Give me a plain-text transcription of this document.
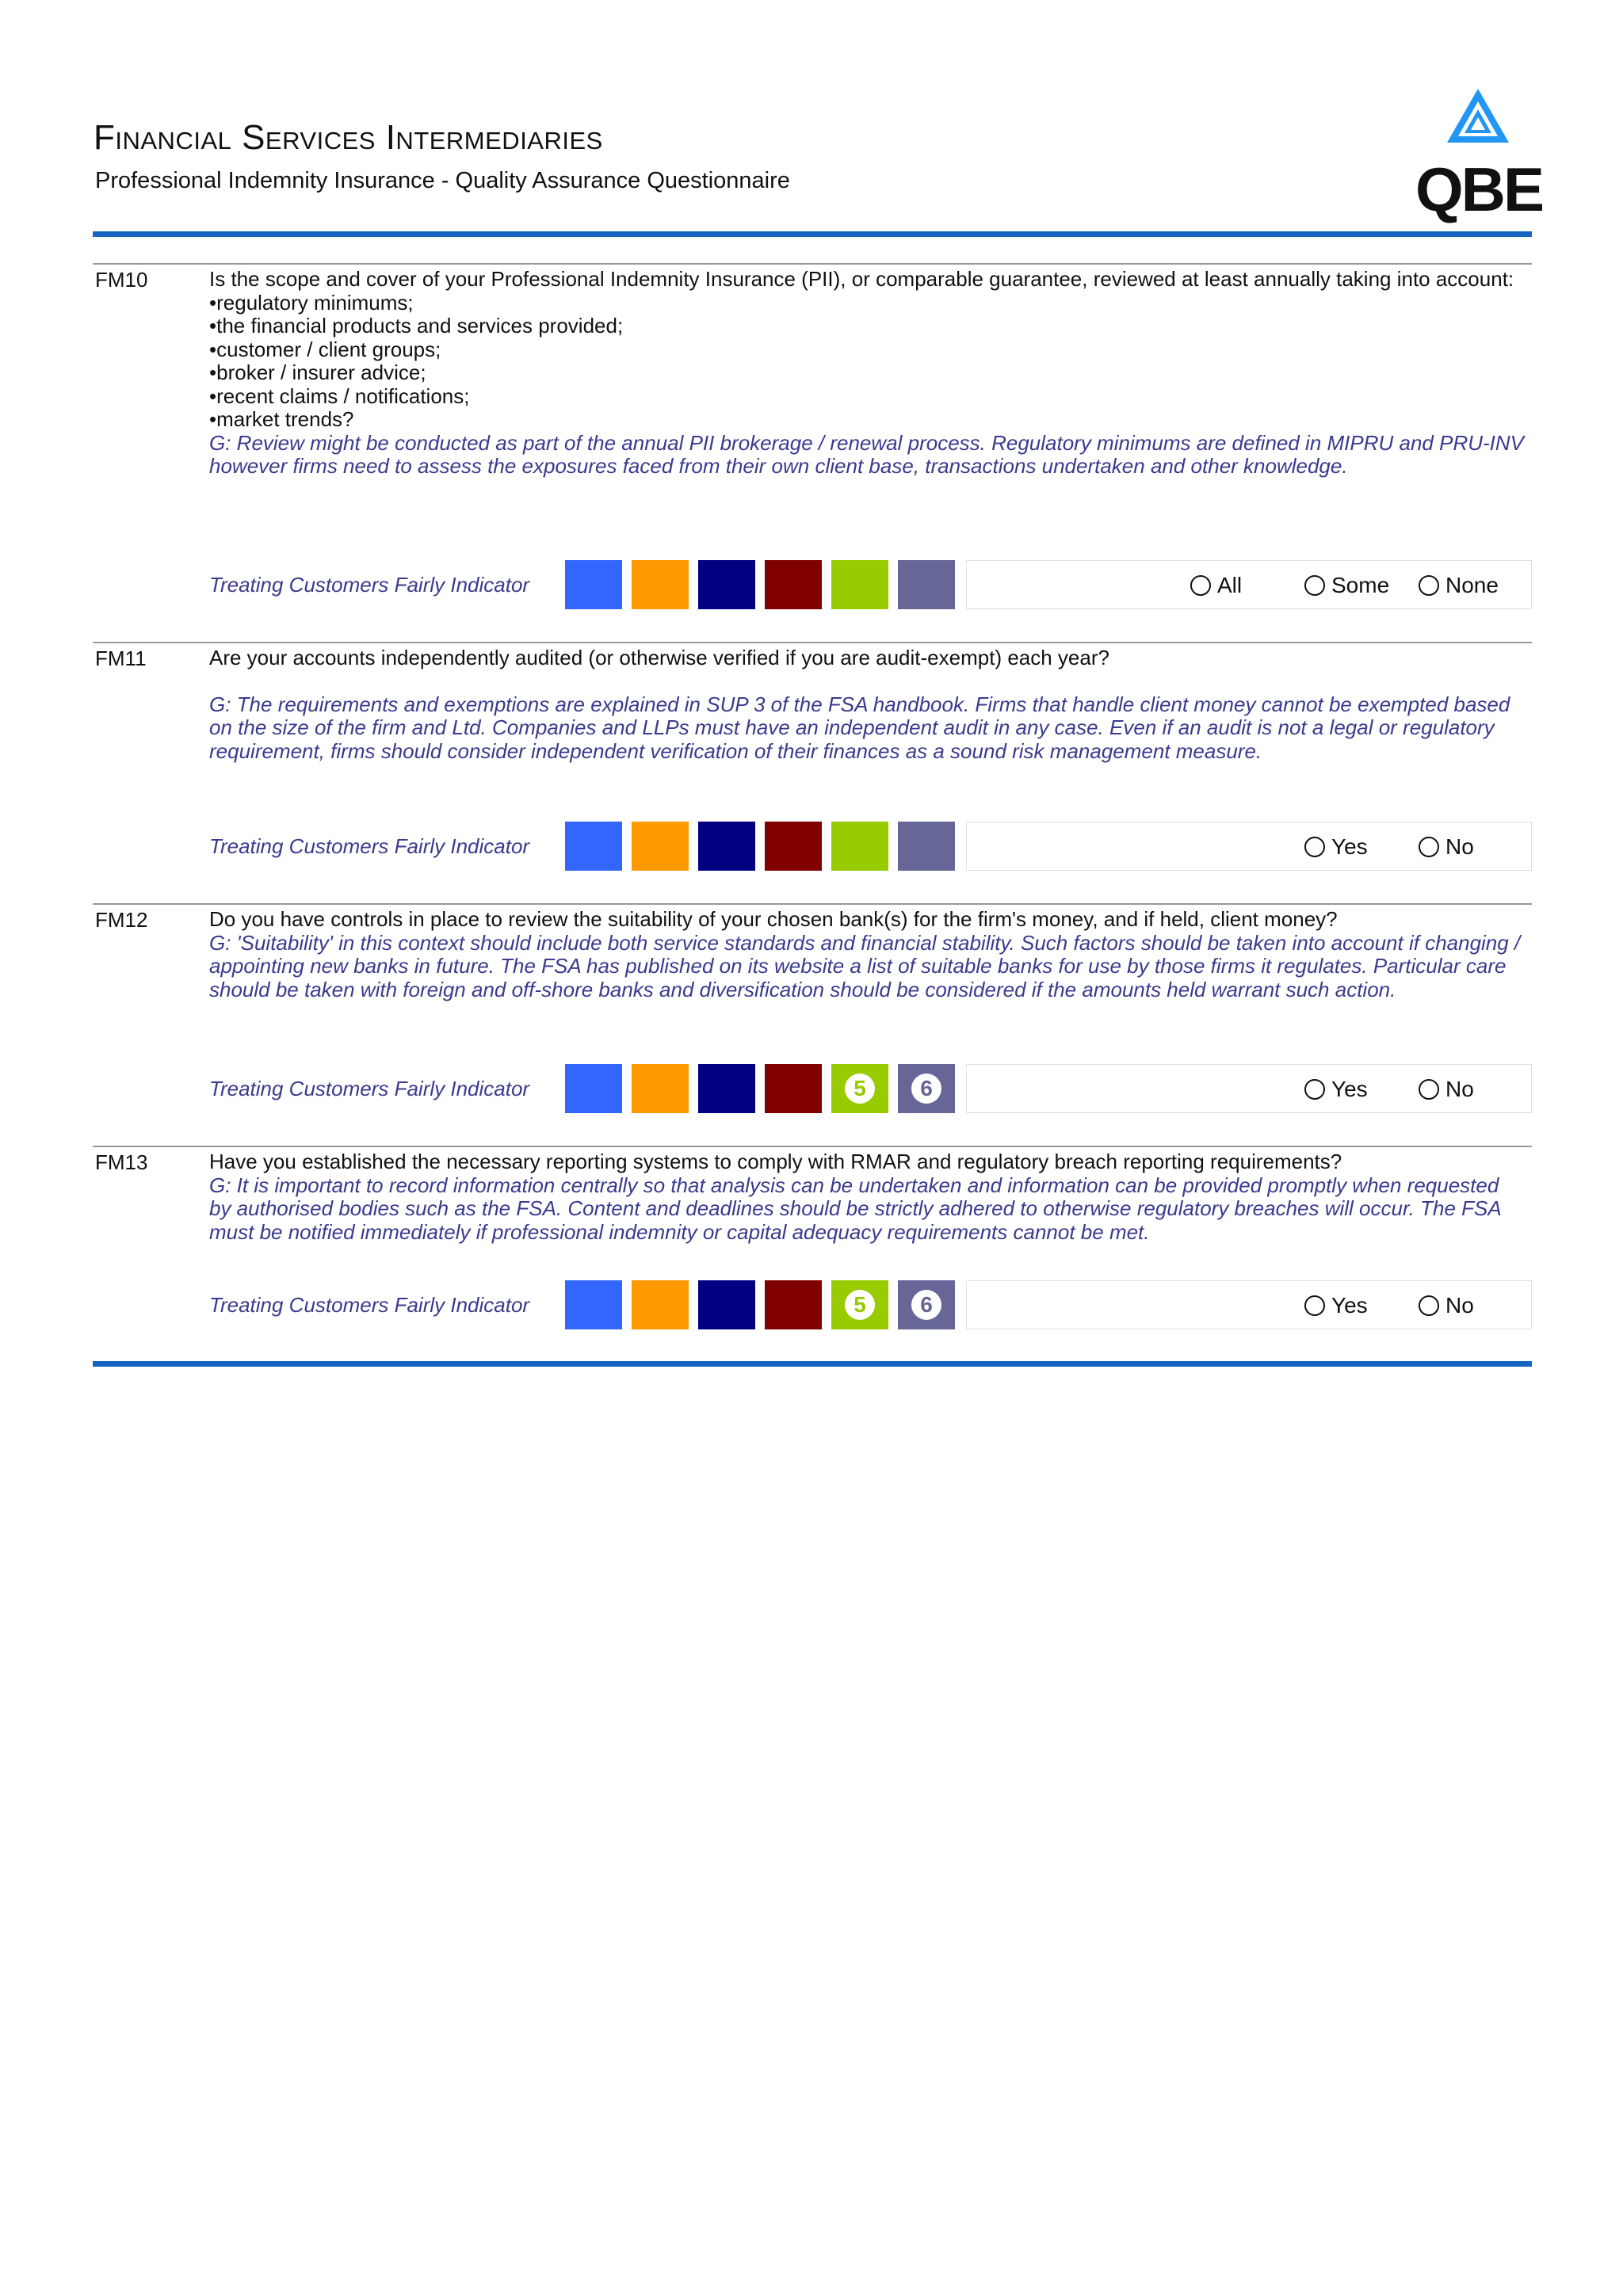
Financial Services Intermediaries
Professional Indemnity Insurance - Quality Assurance Questionnaire	QBE
FM10	Is the scope and cover of your Professional Indemnity Insurance (PII), or comparable guarantee, reviewed at least annually taking into account:
• regulatory minimums;
• the financial products and services provided;
• customer / client groups;
• broker / insurer advice;
• recent claims / notifications;
• market trends?
G: Review might be conducted as part of the annual PII brokerage / renewal process. Regulatory minimums are defined in MIPRU and PRU-INV however firms need to assess the exposures faced from their own client base, transactions undertaken and other knowledge.
Treating Customers Fairly Indicator	All	Some	None
FM11	Are your accounts independently audited (or otherwise verified if you are audit-exempt) each year?
G: The requirements and exemptions are explained in SUP 3 of the FSA handbook. Firms that handle client money cannot be exempted based on the size of the firm and Ltd. Companies and LLPs must have an independent audit in any case. Even if an audit is not a legal or regulatory requirement, firms should consider independent verification of their finances as a sound risk management measure.
Treating Customers Fairly Indicator	Yes	No
FM12	Do you have controls in place to review the suitability of your chosen bank(s) for the firm's money, and if held, client money?
G: 'Suitability' in this context should include both service standards and financial stability. Such factors should be taken into account if changing / appointing new banks in future. The FSA has published on its website a list of suitable banks for use by those firms it regulates. Particular care should be taken with foreign and off-shore banks and diversification should be considered if the amounts held warrant such action.
Treating Customers Fairly Indicator	5	6	Yes	No
FM13	Have you established the necessary reporting systems to comply with RMAR and regulatory breach reporting requirements?
G: It is important to record information centrally so that analysis can be undertaken and information can be provided promptly when requested by authorised bodies such as the FSA. Content and deadlines should be strictly adhered to otherwise regulatory breaches will occur. The FSA must be notified immediately if professional indemnity or capital adequacy requirements cannot be met.
Treating Customers Fairly Indicator	5	6	Yes	No
